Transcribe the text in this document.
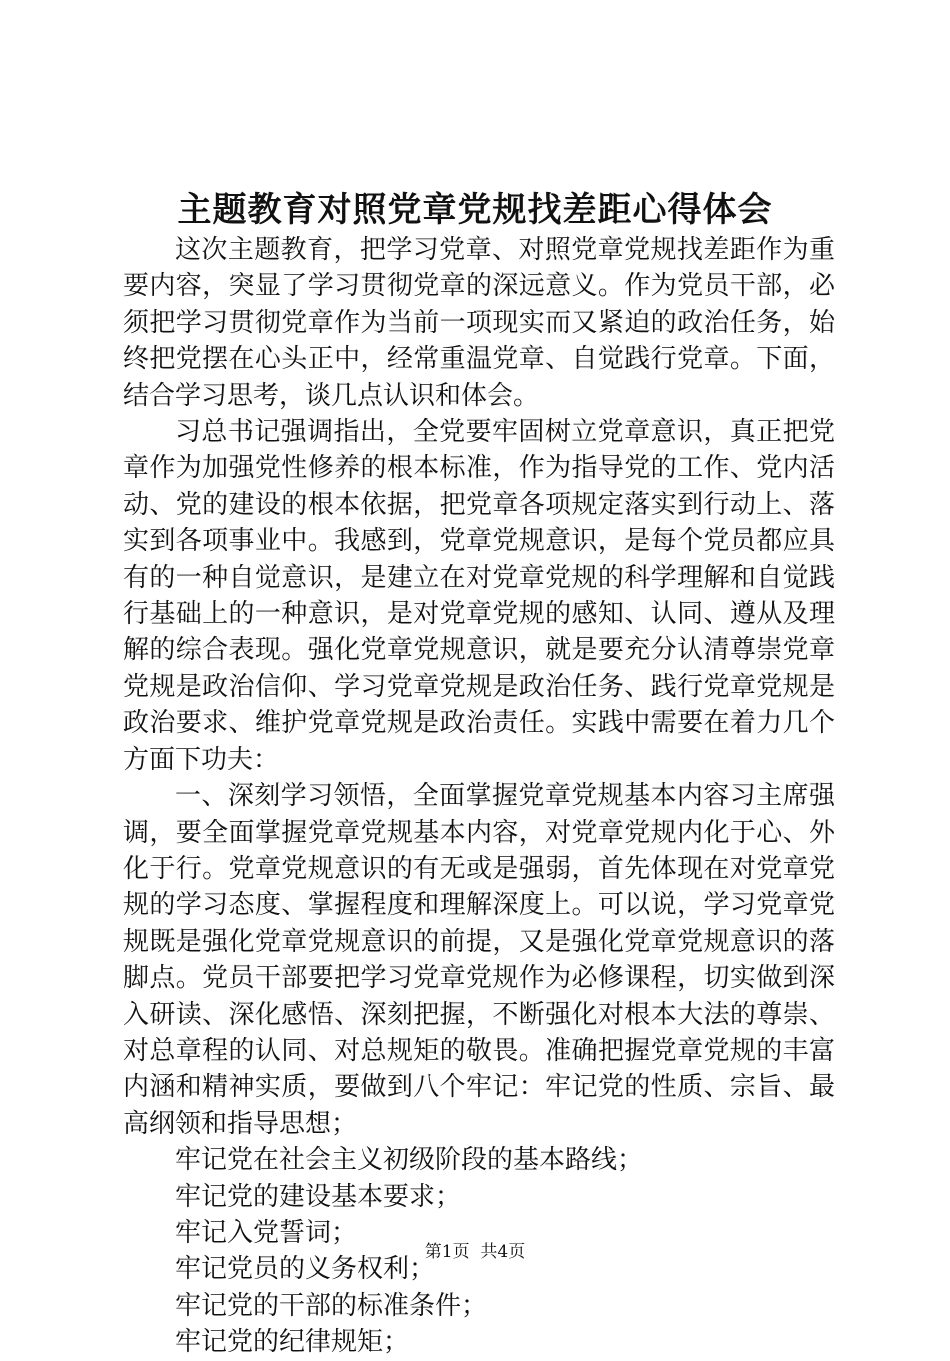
主题教育对照党章党规找差距心得体会

这次主题教育，把学习党章、对照党章党规找差距作为重要内容，突显了学习贯彻党章的深远意义。作为党员干部，必须把学习贯彻党章作为当前一项现实而又紧迫的政治任务，始终把党摆在心头正中，经常重温党章、自觉践行党章。下面，结合学习思考，谈几点认识和体会。

习总书记强调指出，全党要牢固树立党章意识，真正把党章作为加强党性修养的根本标准，作为指导党的工作、党内活动、党的建设的根本依据，把党章各项规定落实到行动上、落实到各项事业中。我感到，党章党规意识，是每个党员都应具有的一种自觉意识，是建立在对党章党规的科学理解和自觉践行基础上的一种意识，是对党章党规的感知、认同、遵从及理解的综合表现。强化党章党规意识，就是要充分认清尊崇党章党规是政治信仰、学习党章党规是政治任务、践行党章党规是政治要求、维护党章党规是政治责任。实践中需要在着力几个方面下功夫：

一、深刻学习领悟，全面掌握党章党规基本内容习主席强调，要全面掌握党章党规基本内容，对党章党规内化于心、外化于行。党章党规意识的有无或是强弱，首先体现在对党章党规的学习态度、掌握程度和理解深度上。可以说，学习党章党规既是强化党章党规意识的前提，又是强化党章党规意识的落脚点。党员干部要把学习党章党规作为必修课程，切实做到深入研读、深化感悟、深刻把握，不断强化对根本大法的尊崇、对总章程的认同、对总规矩的敬畏。准确把握党章党规的丰富内涵和精神实质，要做到八个牢记：牢记党的性质、宗旨、最高纲领和指导思想；

牢记党在社会主义初级阶段的基本路线；

牢记党的建设基本要求；

牢记入党誓词；

牢记党员的义务权利；

牢记党的干部的标准条件；

牢记党的纪律规矩；

第1页  共4页
